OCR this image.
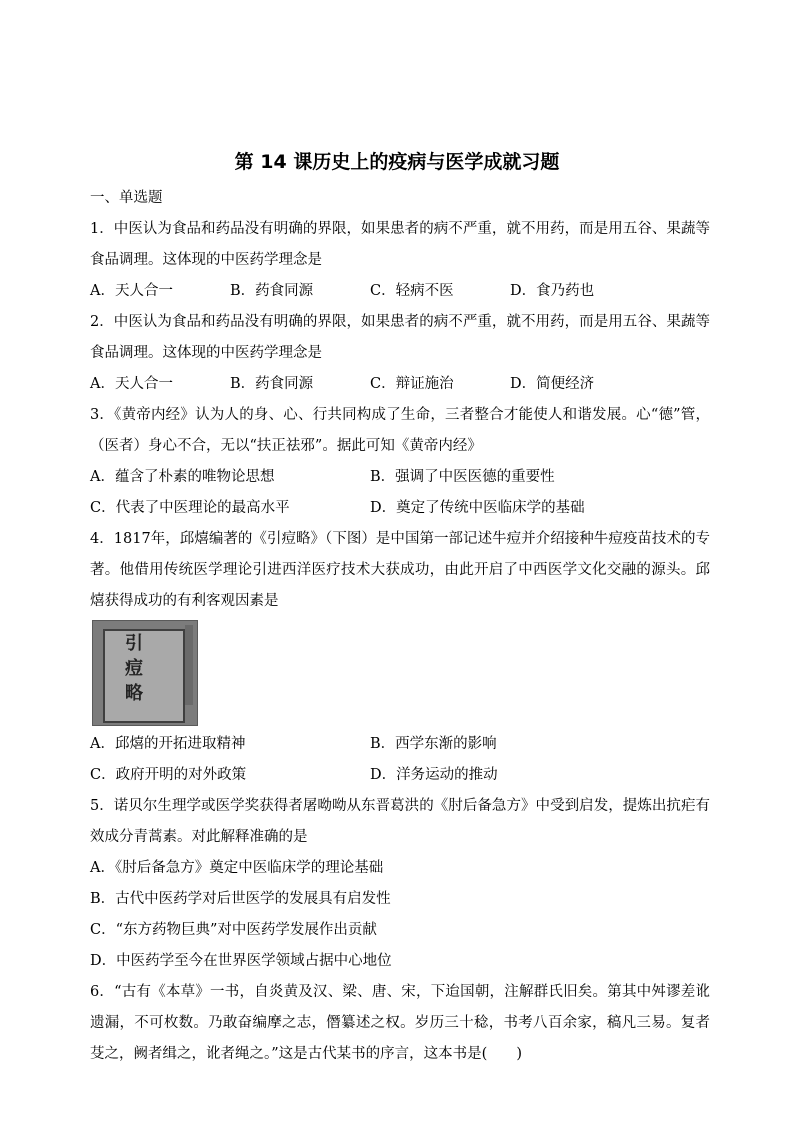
第 14 课历史上的疫病与医学成就习题
一、单选题
1．中医认为食品和药品没有明确的界限，如果患者的病不严重，就不用药，而是用五谷、果蔬等食品调理。这体现的中医药学理念是
A．天人合一	B．药食同源	C．轻病不医	D．食乃药也
2．中医认为食品和药品没有明确的界限，如果患者的病不严重，就不用药，而是用五谷、果蔬等食品调理。这体现的中医药学理念是
A．天人合一	B．药食同源	C．辩证施治	D．简便经济
3．《黄帝内经》认为人的身、心、行共同构成了生命，三者整合才能使人和谐发展。心“德”管，（医者）身心不合，无以“扶正祛邪”。据此可知《黄帝内经》
A．蕴含了朴素的唯物论思想	B．强调了中医医德的重要性
C．代表了中医理论的最高水平	D．奠定了传统中医临床学的基础
4．1817年，邱熺编著的《引痘略》（下图）是中国第一部记述牛痘并介绍接种牛痘疫苗技术的专著。他借用传统医学理论引进西洋医疗技术大获成功，由此开启了中西医学文化交融的源头。邱熺获得成功的有利客观因素是
引
痘
略
A．邱熺的开拓进取精神	B．西学东渐的影响
C．政府开明的对外政策	D．洋务运动的推动
5．诺贝尔生理学或医学奖获得者屠呦呦从东晋葛洪的《肘后备急方》中受到启发，提炼出抗疟有效成分青蒿素。对此解释准确的是
A．《肘后备急方》奠定中医临床学的理论基础
B．古代中医药学对后世医学的发展具有启发性
C．“东方药物巨典”对中医药学发展作出贡献
D．中医药学至今在世界医学领域占据中心地位
6．“古有《本草》一书，自炎黄及汉、梁、唐、宋，下迨国朝，注解群氏旧矣。第其中舛谬差讹遗漏，不可枚数。乃敢奋编摩之志，僭纂述之权。岁历三十稔，书考八百余家，稿凡三易。复者芟之，阙者缉之，讹者绳之。”这是古代某书的序言，这本书是(　　)
